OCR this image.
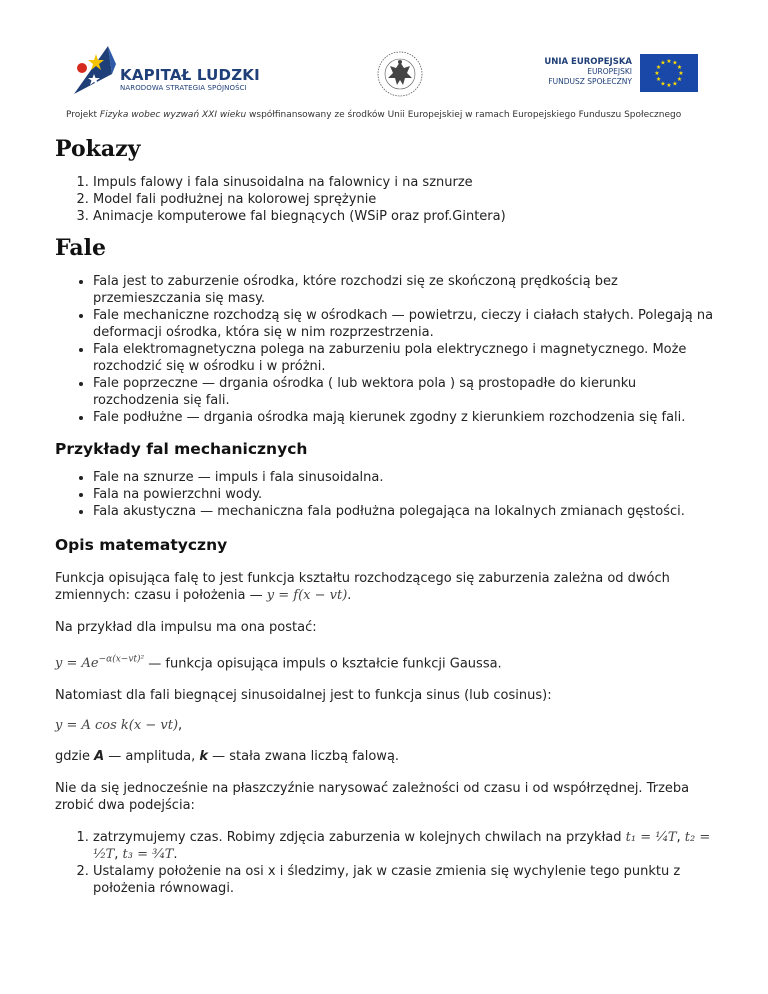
KAPITAŁ LUDZKI
NARODOWA STRATEGIA SPÓJNOŚCI
UNIA EUROPEJSKA
EUROPEJSKI
FUNDUSZ SPOŁECZNY
★ ★
★
★
★
★
★
★
★
★
★
★
Projekt Fizyka wobec wyzwań XXI wieku współfinansowany ze środków Unii Europejskiej w ramach Europejskiego Funduszu Społecznego
Pokazy
1. Impuls falowy i fala sinusoidalna na falownicy i na sznurze
2. Model fali podłużnej na kolorowej sprężynie
3. Animacje komputerowe fal biegnących (WSiP oraz prof.Gintera)
Fale
• Fala jest to zaburzenie ośrodka, które rozchodzi się ze skończoną prędkością bez przemieszczania się masy.
• Fale mechaniczne rozchodzą się w ośrodkach — powietrzu, cieczy i ciałach stałych. Polegają na deformacji ośrodka, która się w nim rozprzestrzenia.
• Fala elektromagnetyczna polega na zaburzeniu pola elektrycznego i magnetycznego. Może rozchodzić się w ośrodku i w próżni.
• Fale poprzeczne — drgania ośrodka ( lub wektora pola ) są prostopadłe do kierunku rozchodzenia się fali.
• Fale podłużne — drgania ośrodka mają kierunek zgodny z kierunkiem rozchodzenia się fali.
Przykłady fal mechanicznych
• Fale na sznurze — impuls i fala sinusoidalna.
• Fala na powierzchni wody.
• Fala akustyczna — mechaniczna fala podłużna polegająca na lokalnych zmianach gęstości.
Opis matematyczny

Funkcja opisująca falę to jest funkcja kształtu rozchodzącego się zaburzenia zależna od dwóch zmiennych: czasu i położenia — y = f(x − vt).

Na przykład dla impulsu ma ona postać:

$y = Ae^{-\alpha(x-vt)^2}$ — funkcja opisująca impuls o kształcie funkcji Gaussa.

Natomiast dla fali biegnącej sinusoidalnej jest to funkcja sinus (lub cosinus):

y = A cos k(x − vt),

gdzie A — amplituda, k — stała zwana liczbą falową.

Nie da się jednocześnie na płaszczyźnie narysować zależności od czasu i od współrzędnej. Trzeba zrobić dwa podejścia:

1. zatrzymujemy czas. Robimy zdjęcia zaburzenia w kolejnych chwilach na przykład t₁ = ¹⁄₄T, t₂ = ¹⁄₂T, t₃ = ³⁄₄T.
2. Ustalamy położenie na osi x i śledzimy, jak w czasie zmienia się wychylenie tego punktu z położenia równowagi.
